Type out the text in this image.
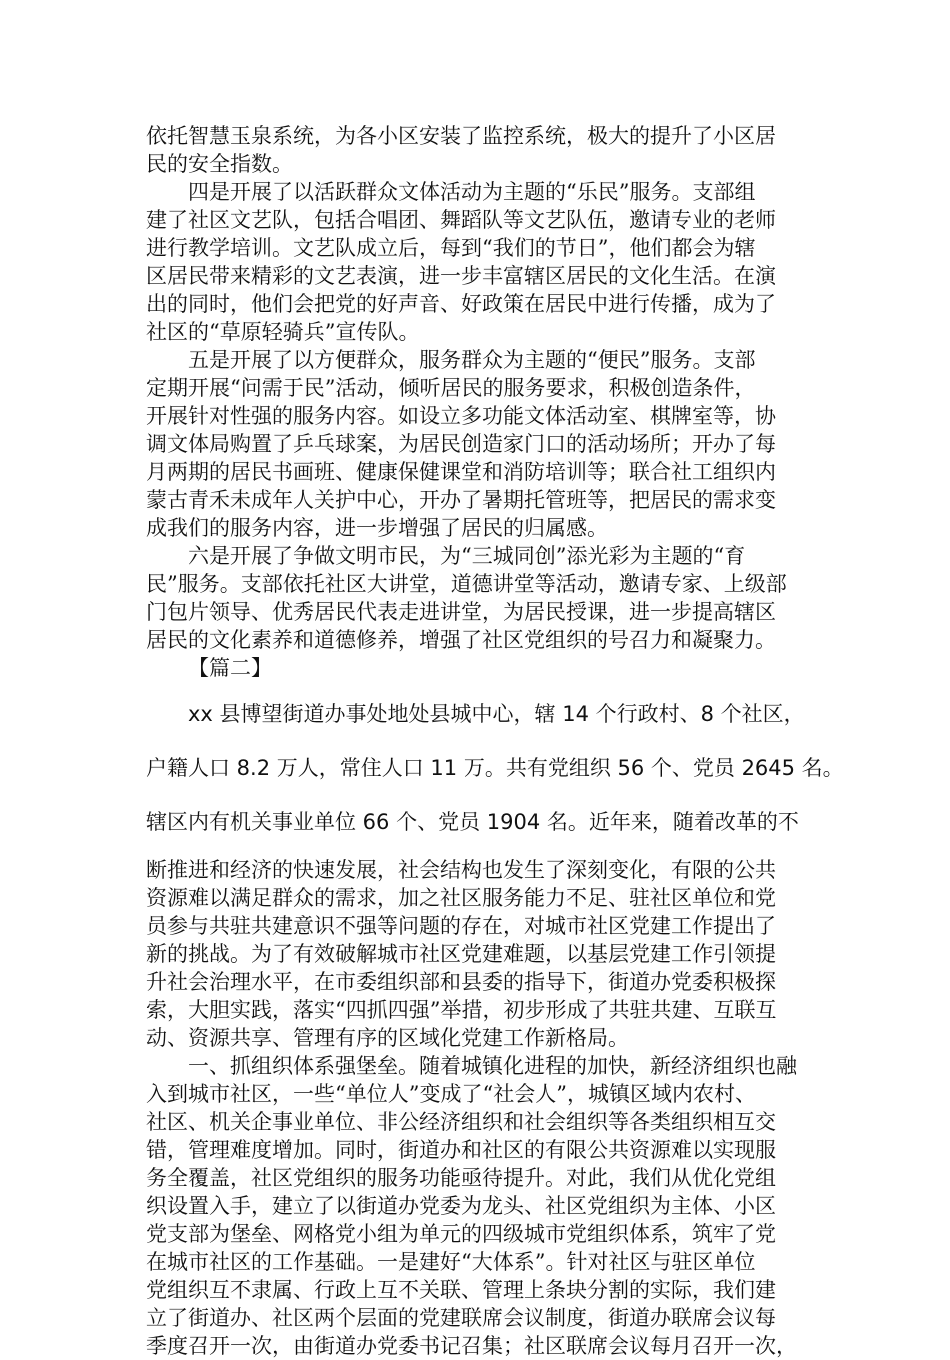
依托智慧玉泉系统，为各小区安装了监控系统，极大的提升了小区居
民的安全指数。
四是开展了以活跃群众文体活动为主题的“乐民”服务。支部组
建了社区文艺队，包括合唱团、舞蹈队等文艺队伍，邀请专业的老师
进行教学培训。文艺队成立后，每到“我们的节日”，他们都会为辖
区居民带来精彩的文艺表演，进一步丰富辖区居民的文化生活。在演
出的同时，他们会把党的好声音、好政策在居民中进行传播，成为了
社区的“草原轻骑兵”宣传队。
五是开展了以方便群众，服务群众为主题的“便民”服务。支部
定期开展“问需于民”活动，倾听居民的服务要求，积极创造条件，
开展针对性强的服务内容。如设立多功能文体活动室、棋牌室等，协
调文体局购置了乒乓球案，为居民创造家门口的活动场所；开办了每
月两期的居民书画班、健康保健课堂和消防培训等；联合社工组织内
蒙古青禾未成年人关护中心，开办了暑期托管班等，把居民的需求变
成我们的服务内容，进一步增强了居民的归属感。
六是开展了争做文明市民，为“三城同创”添光彩为主题的“育
民”服务。支部依托社区大讲堂，道德讲堂等活动，邀请专家、上级部
门包片领导、优秀居民代表走进讲堂，为居民授课，进一步提高辖区
居民的文化素养和道德修养，增强了社区党组织的号召力和凝聚力。
【篇二】
xx 县博望街道办事处地处县城中心，辖 14 个行政村、8 个社区，
户籍人口 8.2 万人，常住人口 11 万。共有党组织 56 个、党员 2645 名。
辖区内有机关事业单位 66 个、党员 1904 名。近年来，随着改革的不
断推进和经济的快速发展，社会结构也发生了深刻变化，有限的公共
资源难以满足群众的需求，加之社区服务能力不足、驻社区单位和党
员参与共驻共建意识不强等问题的存在，对城市社区党建工作提出了
新的挑战。为了有效破解城市社区党建难题，以基层党建工作引领提
升社会治理水平，在市委组织部和县委的指导下，街道办党委积极探
索，大胆实践，落实“四抓四强”举措，初步形成了共驻共建、互联互
动、资源共享、管理有序的区域化党建工作新格局。
一、抓组织体系强堡垒。随着城镇化进程的加快，新经济组织也融
入到城市社区，一些“单位人”变成了“社会人”，城镇区域内农村、
社区、机关企事业单位、非公经济组织和社会组织等各类组织相互交
错，管理难度增加。同时，街道办和社区的有限公共资源难以实现服
务全覆盖，社区党组织的服务功能亟待提升。对此，我们从优化党组
织设置入手，建立了以街道办党委为龙头、社区党组织为主体、小区
党支部为堡垒、网格党小组为单元的四级城市党组织体系，筑牢了党
在城市社区的工作基础。一是建好“大体系”。针对社区与驻区单位
党组织互不隶属、行政上互不关联、管理上条块分割的实际，我们建
立了街道办、社区两个层面的党建联席会议制度，街道办联席会议每
季度召开一次，由街道办党委书记召集；社区联席会议每月召开一次，
